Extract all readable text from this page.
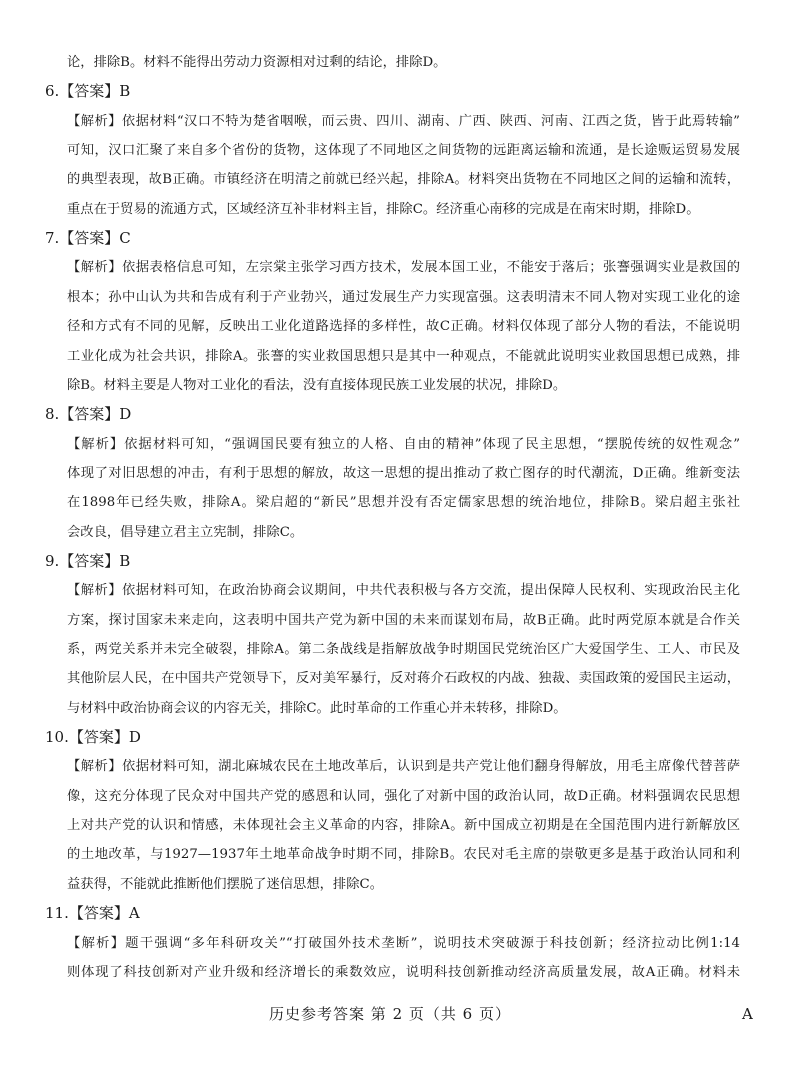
论，排除B。材料不能得出劳动力资源相对过剩的结论，排除D。
6.【答案】B
【解析】依据材料“汉口不特为楚省咽喉，而云贵、四川、湖南、广西、陕西、河南、江西之货，皆于此焉转输”
可知，汉口汇聚了来自多个省份的货物，这体现了不同地区之间货物的远距离运输和流通，是长途贩运贸易发展
的典型表现，故B正确。市镇经济在明清之前就已经兴起，排除A。材料突出货物在不同地区之间的运输和流转，
重点在于贸易的流通方式，区域经济互补非材料主旨，排除C。经济重心南移的完成是在南宋时期，排除D。
7.【答案】C
【解析】依据表格信息可知，左宗棠主张学习西方技术，发展本国工业，不能安于落后；张謇强调实业是救国的
根本；孙中山认为共和告成有利于产业勃兴，通过发展生产力实现富强。这表明清末不同人物对实现工业化的途
径和方式有不同的见解，反映出工业化道路选择的多样性，故C正确。材料仅体现了部分人物的看法，不能说明
工业化成为社会共识，排除A。张謇的实业救国思想只是其中一种观点，不能就此说明实业救国思想已成熟，排
除B。材料主要是人物对工业化的看法，没有直接体现民族工业发展的状况，排除D。
8.【答案】D
【解析】依据材料可知，“强调国民要有独立的人格、自由的精神”体现了民主思想，“摆脱传统的奴性观念”
体现了对旧思想的冲击，有利于思想的解放，故这一思想的提出推动了救亡图存的时代潮流，D正确。维新变法
在1898年已经失败，排除A。梁启超的“新民”思想并没有否定儒家思想的统治地位，排除B。梁启超主张社
会改良，倡导建立君主立宪制，排除C。
9.【答案】B
【解析】依据材料可知，在政治协商会议期间，中共代表积极与各方交流，提出保障人民权利、实现政治民主化
方案，探讨国家未来走向，这表明中国共产党为新中国的未来而谋划布局，故B正确。此时两党原本就是合作关
系，两党关系并未完全破裂，排除A。第二条战线是指解放战争时期国民党统治区广大爱国学生、工人、市民及
其他阶层人民，在中国共产党领导下，反对美军暴行，反对蒋介石政权的内战、独裁、卖国政策的爱国民主运动，
与材料中政治协商会议的内容无关，排除C。此时革命的工作重心并未转移，排除D。
10.【答案】D
【解析】依据材料可知，湖北麻城农民在土地改革后，认识到是共产党让他们翻身得解放，用毛主席像代替菩萨
像，这充分体现了民众对中国共产党的感恩和认同，强化了对新中国的政治认同，故D正确。材料强调农民思想
上对共产党的认识和情感，未体现社会主义革命的内容，排除A。新中国成立初期是在全国范围内进行新解放区
的土地改革，与1927—1937年土地革命战争时期不同，排除B。农民对毛主席的崇敬更多是基于政治认同和利
益获得，不能就此推断他们摆脱了迷信思想，排除C。
11.【答案】A
【解析】题干强调“多年科研攻关”“打破国外技术垄断”，说明技术突破源于科技创新；经济拉动比例1:14
则体现了科技创新对产业升级和经济增长的乘数效应，说明科技创新推动经济高质量发展，故A正确。材料未
历史参考答案 第 2 页（共 6 页）	A
